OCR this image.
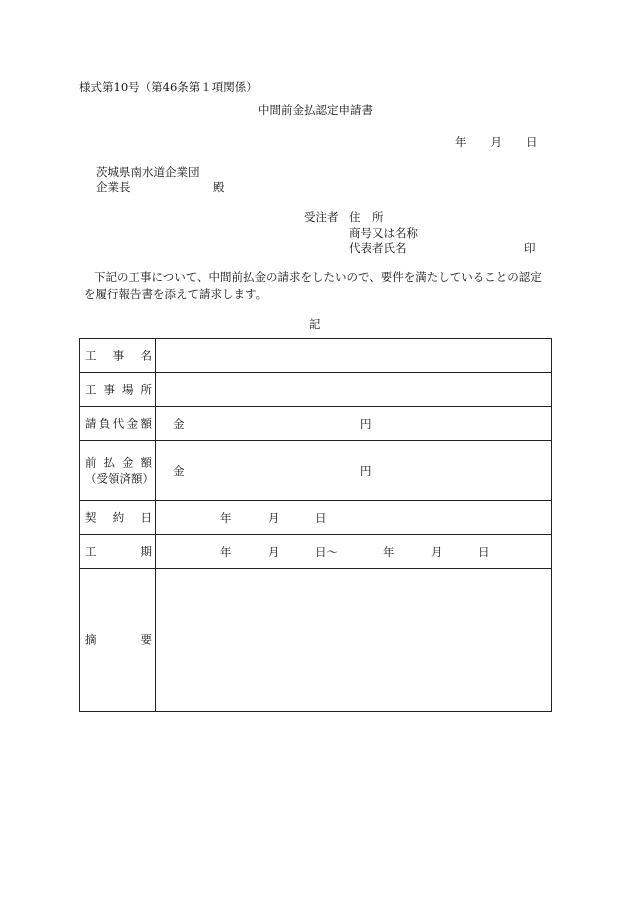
様式第10号（第46条第１項関係）
中間前金払認定申請書
年 月 日
茨城県南水道企業団
企業長	殿
受注者 住　所
商号又は名称
代表者氏名	印
下記の工事について、中間前払金の請求をしたいので、要件を満たしていることの認定
を履行報告書を添えて請求します。
記
工　事　名
工 事 場 所
請負代金額 金	円
前 払 金 額
（受領済額）
金	円
契　約　日	年	月	日
工　　　期	年	月	日～	年	月	日
摘　　　要
